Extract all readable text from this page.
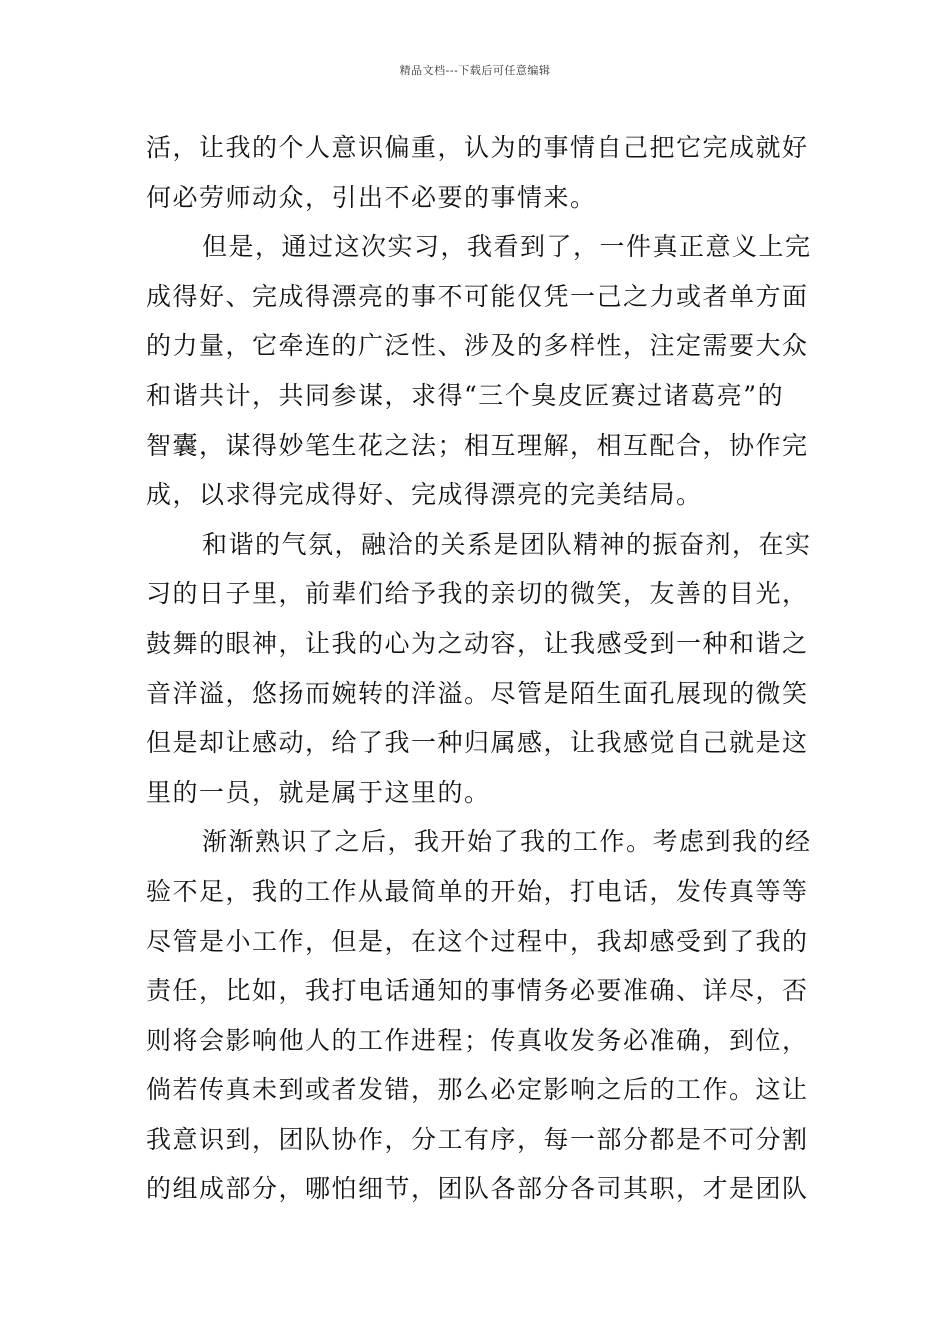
精品文档---下载后可任意编辑
活，让我的个人意识偏重，认为的事情自己把它完成就好
何必劳师动众，引出不必要的事情来。
但是，通过这次实习，我看到了，一件真正意义上完
成得好、完成得漂亮的事不可能仅凭一己之力或者单方面
的力量，它牵连的广泛性、涉及的多样性，注定需要大众
和谐共计，共同参谋，求得“三个臭皮匠赛过诸葛亮”的
智囊，谋得妙笔生花之法；相互理解，相互配合，协作完
成，以求得完成得好、完成得漂亮的完美结局。
和谐的气氛，融洽的关系是团队精神的振奋剂，在实
习的日子里，前辈们给予我的亲切的微笑，友善的目光，
鼓舞的眼神，让我的心为之动容，让我感受到一种和谐之
音洋溢，悠扬而婉转的洋溢。尽管是陌生面孔展现的微笑
但是却让感动，给了我一种归属感，让我感觉自己就是这
里的一员，就是属于这里的。
渐渐熟识了之后，我开始了我的工作。考虑到我的经
验不足，我的工作从最简单的开始，打电话，发传真等等
尽管是小工作，但是，在这个过程中，我却感受到了我的
责任，比如，我打电话通知的事情务必要准确、详尽，否
则将会影响他人的工作进程；传真收发务必准确，到位，
倘若传真未到或者发错，那么必定影响之后的工作。这让
我意识到，团队协作，分工有序，每一部分都是不可分割
的组成部分，哪怕细节，团队各部分各司其职，才是团队
